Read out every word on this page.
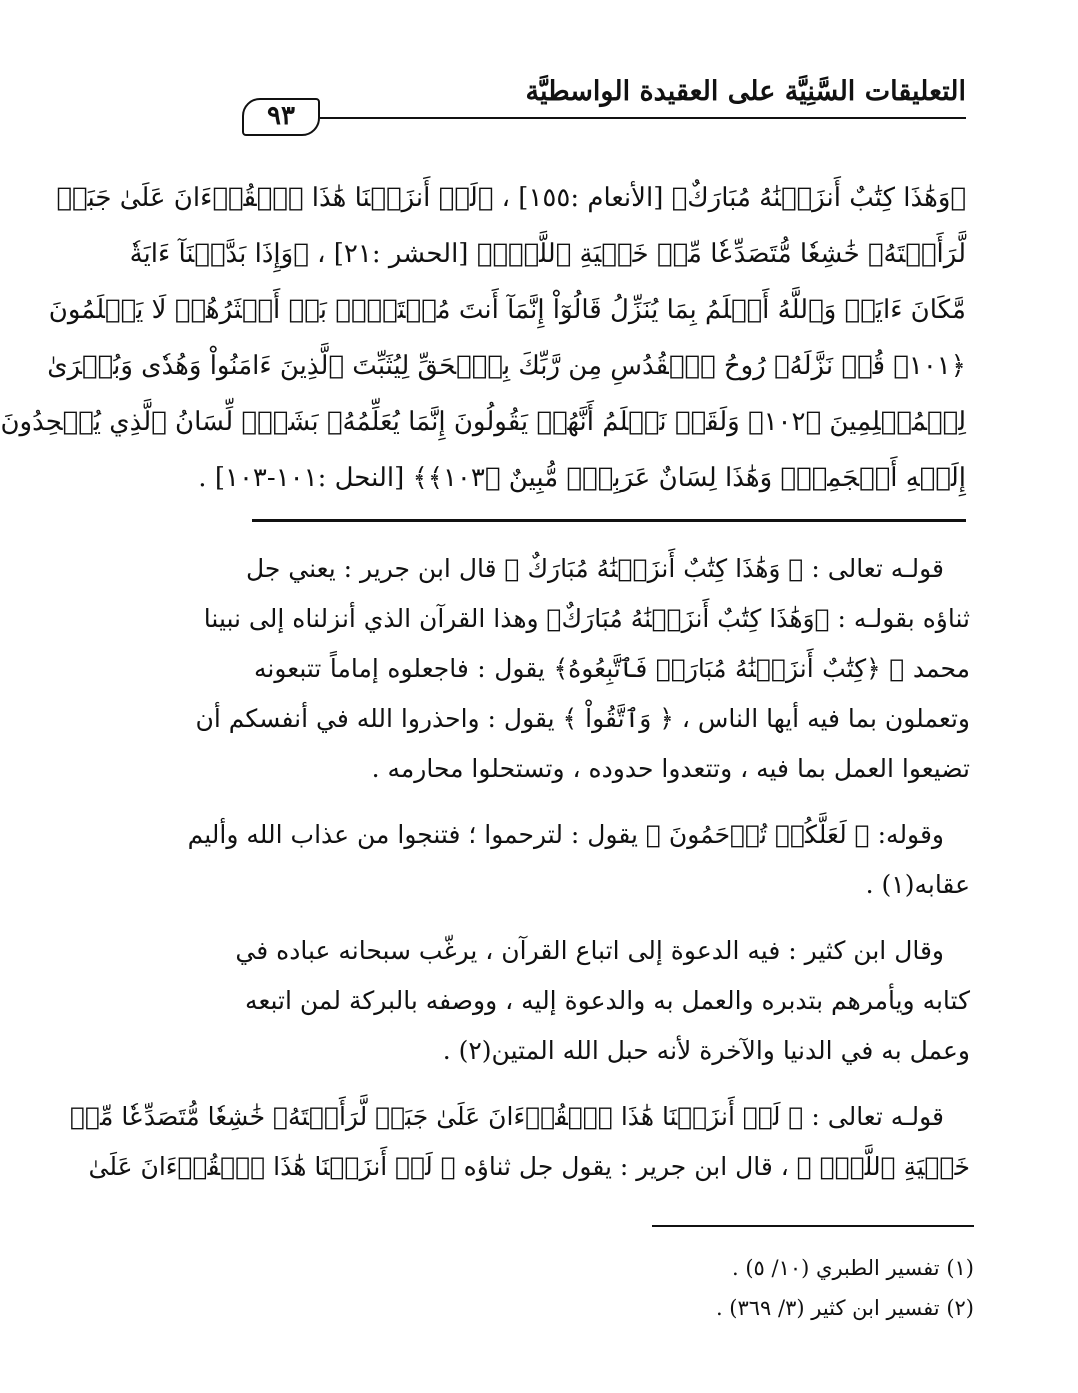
التعليقات السَّنِيَّة على العقيدة الواسطيَّة
٩٣
﴿وَهَٰذَا كِتَٰبٌ أَنزَلۡنَٰهُ مُبَارَكٌ﴾ [الأنعام :١٥٥] ، ﴿لَوۡ أَنزَلۡنَا هَٰذَا ٱلۡقُرۡءَانَ عَلَىٰ جَبَلٖ
لَّرَأَيۡتَهُۥ خَٰشِعٗا مُّتَصَدِّعٗا مِّنۡ خَشۡيَةِ ٱللَّهِۚ﴾ [الحشر :٢١] ، ﴿وَإِذَا بَدَّلۡنَآ ءَايَةٗ
مَّكَانَ ءَايَةٖ وَٱللَّهُ أَعۡلَمُ بِمَا يُنَزِّلُ قَالُوٓاْ إِنَّمَآ أَنتَ مُفۡتَرِۭۚ بَلۡ أَكۡثَرُهُمۡ لَا يَعۡلَمُونَ
﴿١٠١﴾ قُلۡ نَزَّلَهُۥ رُوحُ ٱلۡقُدُسِ مِن رَّبِّكَ بِٱلۡحَقِّ لِيُثَبِّتَ ٱلَّذِينَ ءَامَنُواْ وَهُدٗى وَبُشۡرَىٰ
لِلۡمُسۡلِمِينَ ﴿١٠٢﴾ وَلَقَدۡ نَعۡلَمُ أَنَّهُمۡ يَقُولُونَ إِنَّمَا يُعَلِّمُهُۥ بَشَرٞۗ لِّسَانُ ٱلَّذِي يُلۡحِدُونَ
إِلَيۡهِ أَعۡجَمِيّٞ وَهَٰذَا لِسَانٌ عَرَبِيّٞ مُّبِينٌ ﴿١٠٣﴾﴾ [النحل :١٠١-١٠٣] .
قولـه تعالى : ﴿ وَهَٰذَا كِتَٰبٌ أَنزَلۡنَٰهُ مُبَارَكٌ ﴾ قال ابن جرير : يعني جل
ثناؤه بقولـه : ﴿وَهَٰذَا كِتَٰبٌ أَنزَلۡنَٰهُ مُبَارَكٌ﴾ وهذا القرآن الذي أنزلناه إلى نبينا
محمد ﷺ ﴿كِتَٰبٌ أَنزَلۡنَٰهُ مُبَارَكٞ فَٱتَّبِعُوهُ﴾ يقول : فاجعلوه إماماً تتبعونه
وتعملون بما فيه أيها الناس ، ﴿ وَٱتَّقُواْ ﴾ يقول : واحذروا الله في أنفسكم أن
تضيعوا العمل بما فيه ، وتتعدوا حدوده ، وتستحلوا محارمه .
وقوله: ﴿ لَعَلَّكُمۡ تُرۡحَمُونَ ﴾ يقول : لترحموا ؛ فتنجوا من عذاب الله وأليم
عقابه(١) .
وقال ابن كثير : فيه الدعوة إلى اتباع القرآن ، يرغّب سبحانه عباده في
كتابه ويأمرهم بتدبره والعمل به والدعوة إليه ، ووصفه بالبركة لمن اتبعه
وعمل به في الدنيا والآخرة لأنه حبل الله المتين(٢) .
قولـه تعالى : ﴿ لَوۡ أَنزَلۡنَا هَٰذَا ٱلۡقُرۡءَانَ عَلَىٰ جَبَلٖ لَّرَأَيۡتَهُۥ خَٰشِعٗا مُّتَصَدِّعٗا مِّنۡ
خَشۡيَةِ ٱللَّهِۚ ﴾ ، قال ابن جرير : يقول جل ثناؤه ﴿ لَوۡ أَنزَلۡنَا هَٰذَا ٱلۡقُرۡءَانَ عَلَىٰ
(١) تفسير الطبري (١٠/ ٥) .
(٢) تفسير ابن كثير (٣/ ٣٦٩) .
